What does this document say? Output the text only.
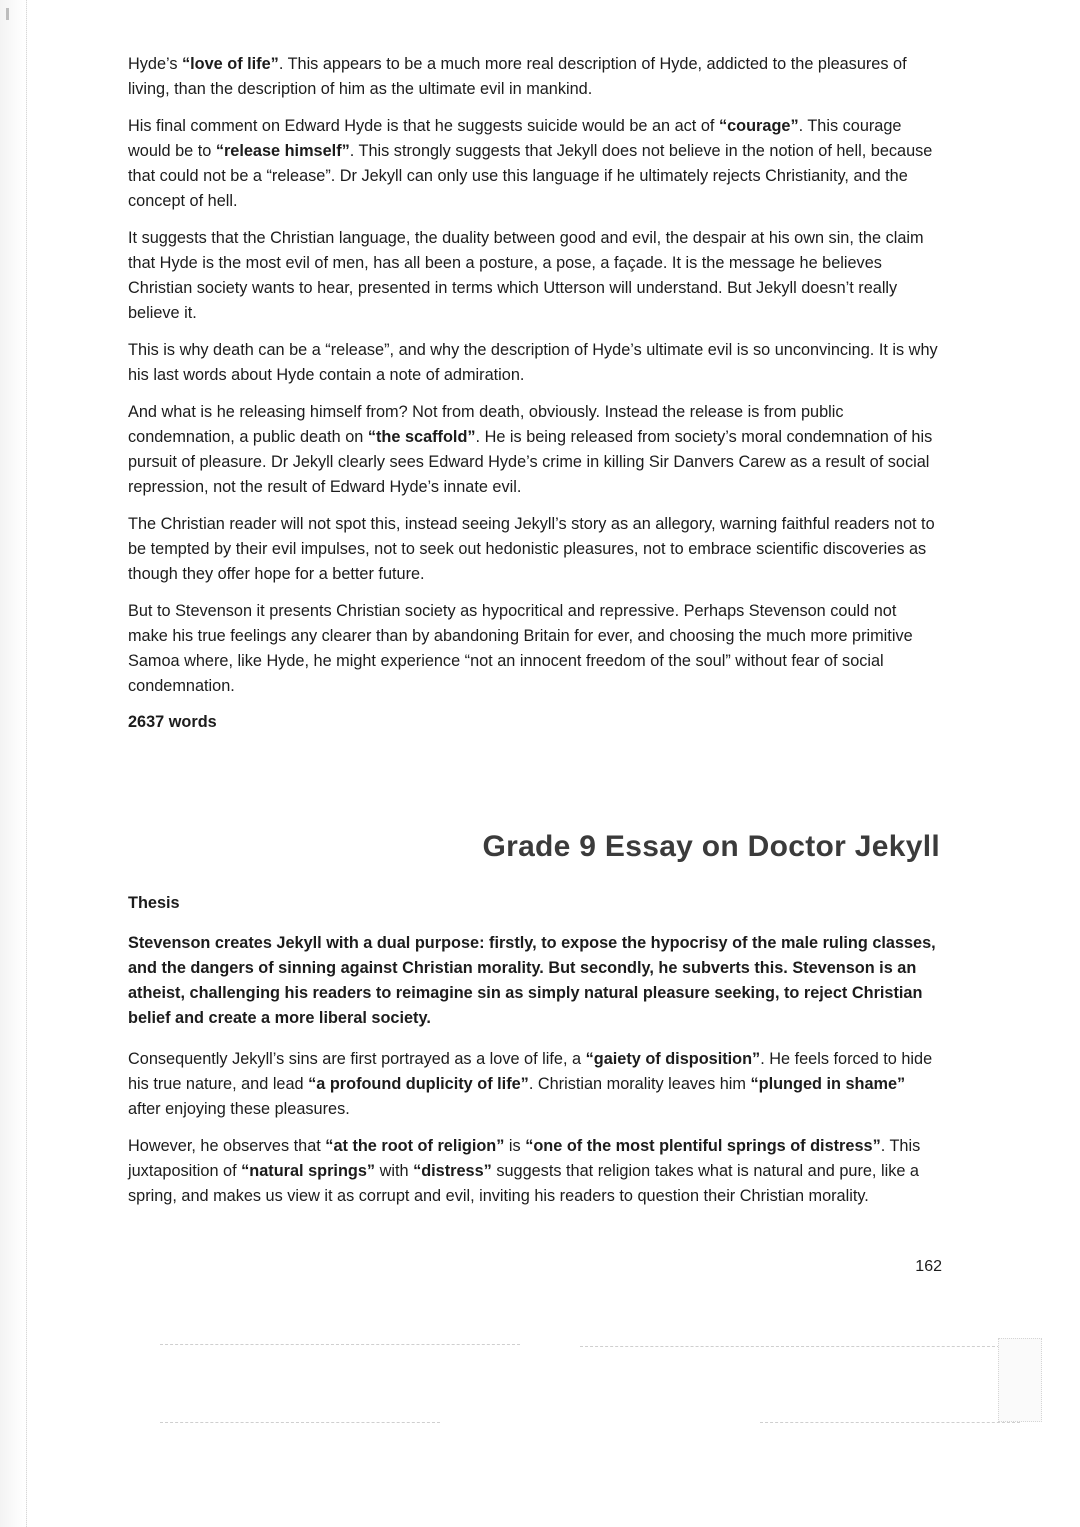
Hyde’s “love of life”. This appears to be a much more real description of Hyde, addicted to the pleasures of living, than the description of him as the ultimate evil in mankind.

His final comment on Edward Hyde is that he suggests suicide would be an act of “courage”. This courage would be to “release himself”. This strongly suggests that Jekyll does not believe in the notion of hell, because that could not be a “release”. Dr Jekyll can only use this language if he ultimately rejects Christianity, and the concept of hell.

It suggests that the Christian language, the duality between good and evil, the despair at his own sin, the claim that Hyde is the most evil of men, has all been a posture, a pose, a façade. It is the message he believes Christian society wants to hear, presented in terms which Utterson will understand. But Jekyll doesn’t really believe it.

This is why death can be a “release”, and why the description of Hyde’s ultimate evil is so unconvincing. It is why his last words about Hyde contain a note of admiration.

And what is he releasing himself from? Not from death, obviously. Instead the release is from public condemnation, a public death on “the scaffold”. He is being released from society’s moral condemnation of his pursuit of pleasure. Dr Jekyll clearly sees Edward Hyde’s crime in killing Sir Danvers Carew as a result of social repression, not the result of Edward Hyde’s innate evil.

The Christian reader will not spot this, instead seeing Jekyll’s story as an allegory, warning faithful readers not to be tempted by their evil impulses, not to seek out hedonistic pleasures, not to embrace scientific discoveries as though they offer hope for a better future.

But to Stevenson it presents Christian society as hypocritical and repressive. Perhaps Stevenson could not make his true feelings any clearer than by abandoning Britain for ever, and choosing the much more primitive Samoa where, like Hyde, he might experience “not an innocent freedom of the soul” without fear of social condemnation.

2637 words
Grade 9 Essay on Doctor Jekyll
Thesis

Stevenson creates Jekyll with a dual purpose: firstly, to expose the hypocrisy of the male ruling classes, and the dangers of sinning against Christian morality. But secondly, he subverts this. Stevenson is an atheist, challenging his readers to reimagine sin as simply natural pleasure seeking, to reject Christian belief and create a more liberal society.

Consequently Jekyll’s sins are first portrayed as a love of life, a “gaiety of disposition”. He feels forced to hide his true nature, and lead “a profound duplicity of life”. Christian morality leaves him “plunged in shame” after enjoying these pleasures.

However, he observes that “at the root of religion” is “one of the most plentiful springs of distress”. This juxtaposition of “natural springs” with “distress” suggests that religion takes what is natural and pure, like a spring, and makes us view it as corrupt and evil, inviting his readers to question their Christian morality.

162
